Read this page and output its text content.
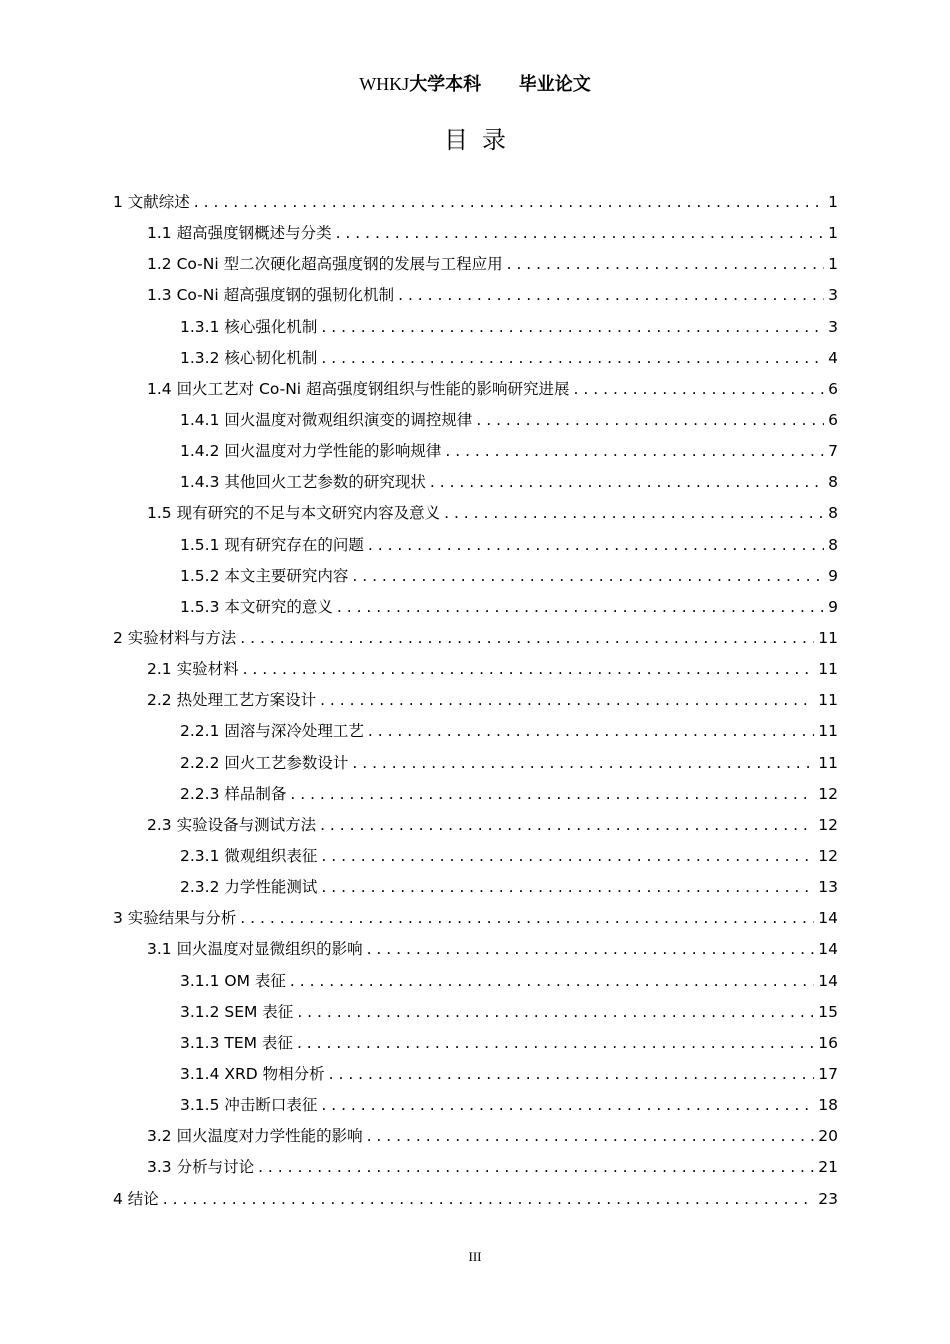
WHKJ大学本科 毕业论文
目录
1 文献综述 . . .	1
1.1 超高强度钢概述与分类 . . .	1
1.2 Co-Ni 型二次硬化超高强度钢的发展与工程应用 . . .	1
1.3 Co-Ni 超高强度钢的强韧化机制 . . .	3
1.3.1 核心强化机制 . . .	3
1.3.2 核心韧化机制 . . .	4
1.4 回火工艺对 Co-Ni 超高强度钢组织与性能的影响研究进展 . . .	6
1.4.1 回火温度对微观组织演变的调控规律 . . .	6
1.4.2 回火温度对力学性能的影响规律 . . .	7
1.4.3 其他回火工艺参数的研究现状 . . .	8
1.5 现有研究的不足与本文研究内容及意义 . . .	8
1.5.1 现有研究存在的问题 . . .	8
1.5.2 本文主要研究内容 . . .	9
1.5.3 本文研究的意义 . . .	9
2 实验材料与方法 . . .	11
2.1 实验材料 . . .	11
2.2 热处理工艺方案设计 . . .	11
2.2.1 固溶与深冷处理工艺 . . .	11
2.2.2 回火工艺参数设计 . . .	11
2.2.3 样品制备 . . .	12
2.3 实验设备与测试方法 . . .	12
2.3.1 微观组织表征 . . .	12
2.3.2 力学性能测试 . . .	13
3 实验结果与分析 . . .	14
3.1 回火温度对显微组织的影响 . . .	14
3.1.1 OM 表征 . . .	14
3.1.2 SEM 表征 . . .	15
3.1.3 TEM 表征 . . .	16
3.1.4 XRD 物相分析 . . .	17
3.1.5 冲击断口表征 . . .	18
3.2 回火温度对力学性能的影响 . . .	20
3.3 分析与讨论 . . .	21
4 结论 . . .	23
III
